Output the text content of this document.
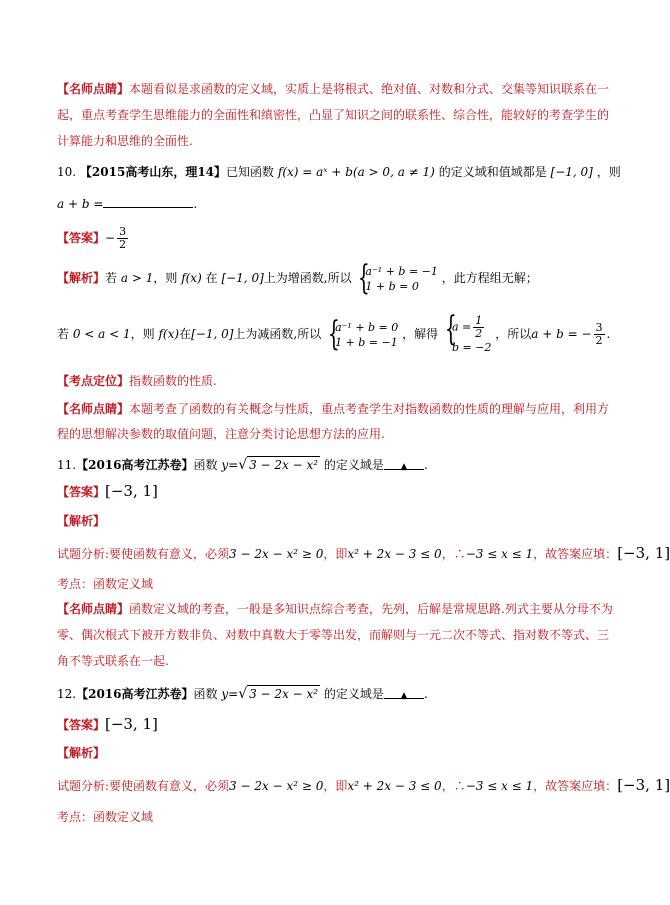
【名师点睛】本题看似是求函数的定义域，实质上是将根式、绝对值、对数和分式、交集等知识联系在一
起，重点考查学生思维能力的全面性和缜密性，凸显了知识之间的联系性、综合性，能较好的考查学生的
计算能力和思维的全面性.
10. 【2015高考山东，理14】已知函数 f(x) = aˣ + b(a > 0, a ≠ 1) 的定义域和值域都是 [−1, 0] ，则
a + b =	.
【答案】− $\frac{3}{2}$
【解析】若 a > 1，则 f(x) 在 [−1, 0]上为增函数,所以 { a⁻¹ + b = −1
1 + b = 0
，此方程组无解；
若 0 < a < 1，则 f(x)在[−1, 0]上为减函数,所以 { a⁻¹ + b = 0
1 + b = −1
，解得
{ $a = \frac{1}{2}$
b = −2
，所以a + b = − $\frac{3}{2}$ .
【考点定位】指数函数的性质.
【名师点睛】本题考查了函数的有关概念与性质，重点考查学生对指数函数的性质的理解与应用，利用方
程的思想解决参数的取值问题，注意分类讨论思想方法的应用.
11.【2016高考江苏卷】函数 y=√ 3 − 2x − x² 的定义域是 ▲ .
【答案】[−3, 1]
【解析】
试题分析:要使函数有意义，必须3 − 2x − x² ≥ 0，即x² + 2x − 3 ≤ 0，∴−3 ≤ x ≤ 1，故答案应填：[−3, 1]
考点：函数定义域
【名师点睛】函数定义域的考查，一般是多知识点综合考查，先列，后解是常规思路.列式主要从分母不为
零、偶次根式下被开方数非负、对数中真数大于零等出发，而解则与一元二次不等式、指对数不等式、三
角不等式联系在一起.
12.【2016高考江苏卷】函数 y=√ 3 − 2x − x² 的定义域是 ▲ .
【答案】[−3, 1]
【解析】
试题分析:要使函数有意义，必须3 − 2x − x² ≥ 0，即x² + 2x − 3 ≤ 0，∴−3 ≤ x ≤ 1，故答案应填：[−3, 1]
考点：函数定义域
